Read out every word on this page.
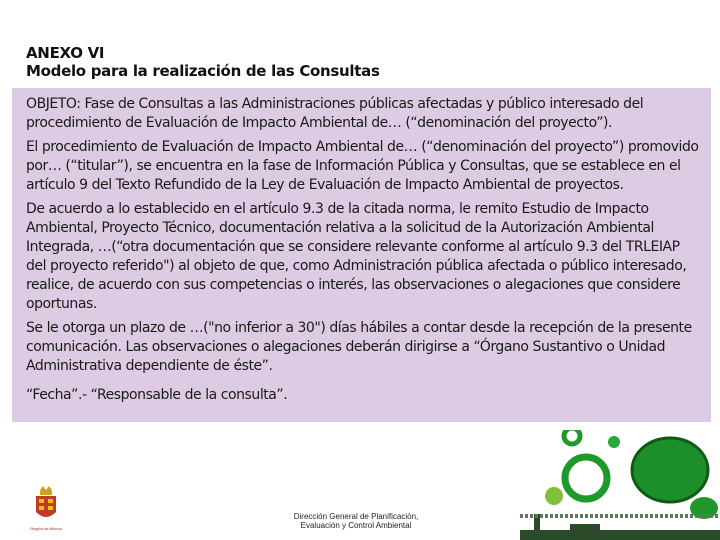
ANEXO VI
Modelo para la realización de las Consultas

OBJETO: Fase de Consultas a las Administraciones públicas afectadas y público interesado del procedimiento de Evaluación de Impacto Ambiental de… (“denominación del proyecto”).

El procedimiento de Evaluación de Impacto Ambiental de… (“denominación del proyecto”) promovido por… (“titular”), se encuentra en la fase de Información Pública y Consultas, que se establece en el artículo 9 del Texto Refundido de la Ley de Evaluación de Impacto Ambiental de proyectos.

De acuerdo a lo establecido en el artículo 9.3 de la citada norma, le remito Estudio de Impacto Ambiental, Proyecto Técnico, documentación relativa a la solicitud de la Autorización Ambiental Integrada, …(“otra documentación que se considere relevante conforme al artículo 9.3 del TRLEIAP del proyecto referido") al objeto de que, como Administración pública afectada o público interesado, realice, de acuerdo con sus competencias o interés, las observaciones o alegaciones que considere oportunas.

Se le otorga un plazo de …("no inferior a 30") días hábiles a contar desde la recepción de la presente comunicación. Las observaciones o alegaciones deberán dirigirse a “Órgano Sustantivo o Unidad Administrativa dependiente de éste”.

“Fecha”.- “Responsable de la consulta”.

Región de Murcia
Dirección General de Planificación,
Evaluación y Control Ambiental
